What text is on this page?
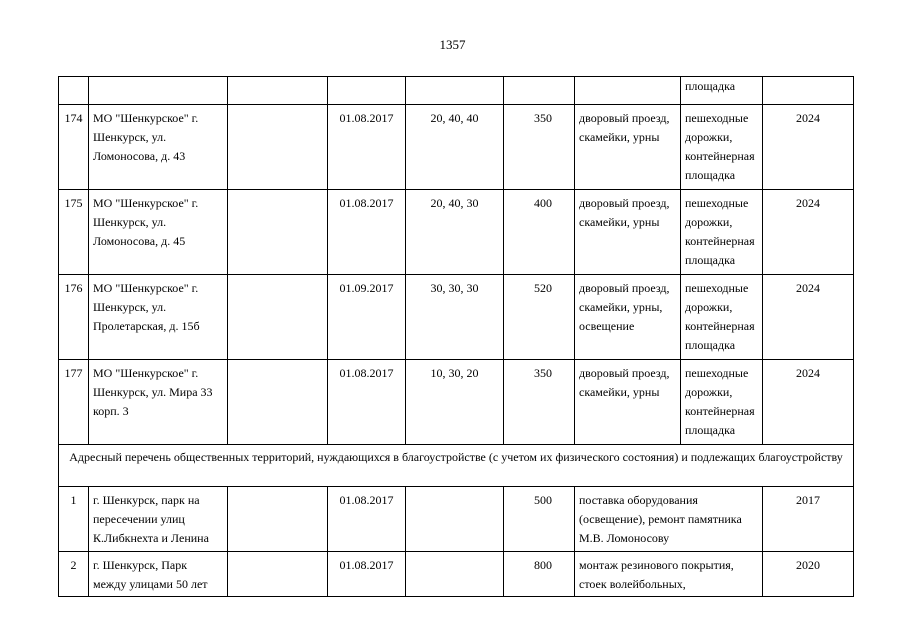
1357
							площадка	
174	МО "Шенкурское" г. Шенкурск, ул. Ломоносова, д. 43		01.08.2017	20, 40, 40	350	дворовый проезд, скамейки, урны	пешеходные дорожки, контейнерная площадка	2024
175	МО "Шенкурское" г. Шенкурск, ул. Ломоносова, д. 45		01.08.2017	20, 40, 30	400	дворовый проезд, скамейки, урны	пешеходные дорожки, контейнерная площадка	2024
176	МО "Шенкурское" г. Шенкурск, ул. Пролетарская, д. 15б		01.09.2017	30, 30, 30	520	дворовый проезд, скамейки, урны, освещение	пешеходные дорожки, контейнерная площадка	2024
177	МО "Шенкурское" г. Шенкурск, ул. Мира 33 корп. 3		01.08.2017	10, 30, 20	350	дворовый проезд, скамейки, урны	пешеходные дорожки, контейнерная площадка	2024
Адресный перечень общественных территорий, нуждающихся в благоустройстве (с учетом их физического состояния) и подлежащих благоустройству								
1	г. Шенкурск, парк на пересечении улиц К.Либкнехта и Ленина		01.08.2017		500	поставка оборудования (освещение), ремонт памятника М.В. Ломоносову		2017
2	г. Шенкурск, Парк между улицами 50 лет		01.08.2017		800	монтаж резинового покрытия, стоек волейбольных,		2020
